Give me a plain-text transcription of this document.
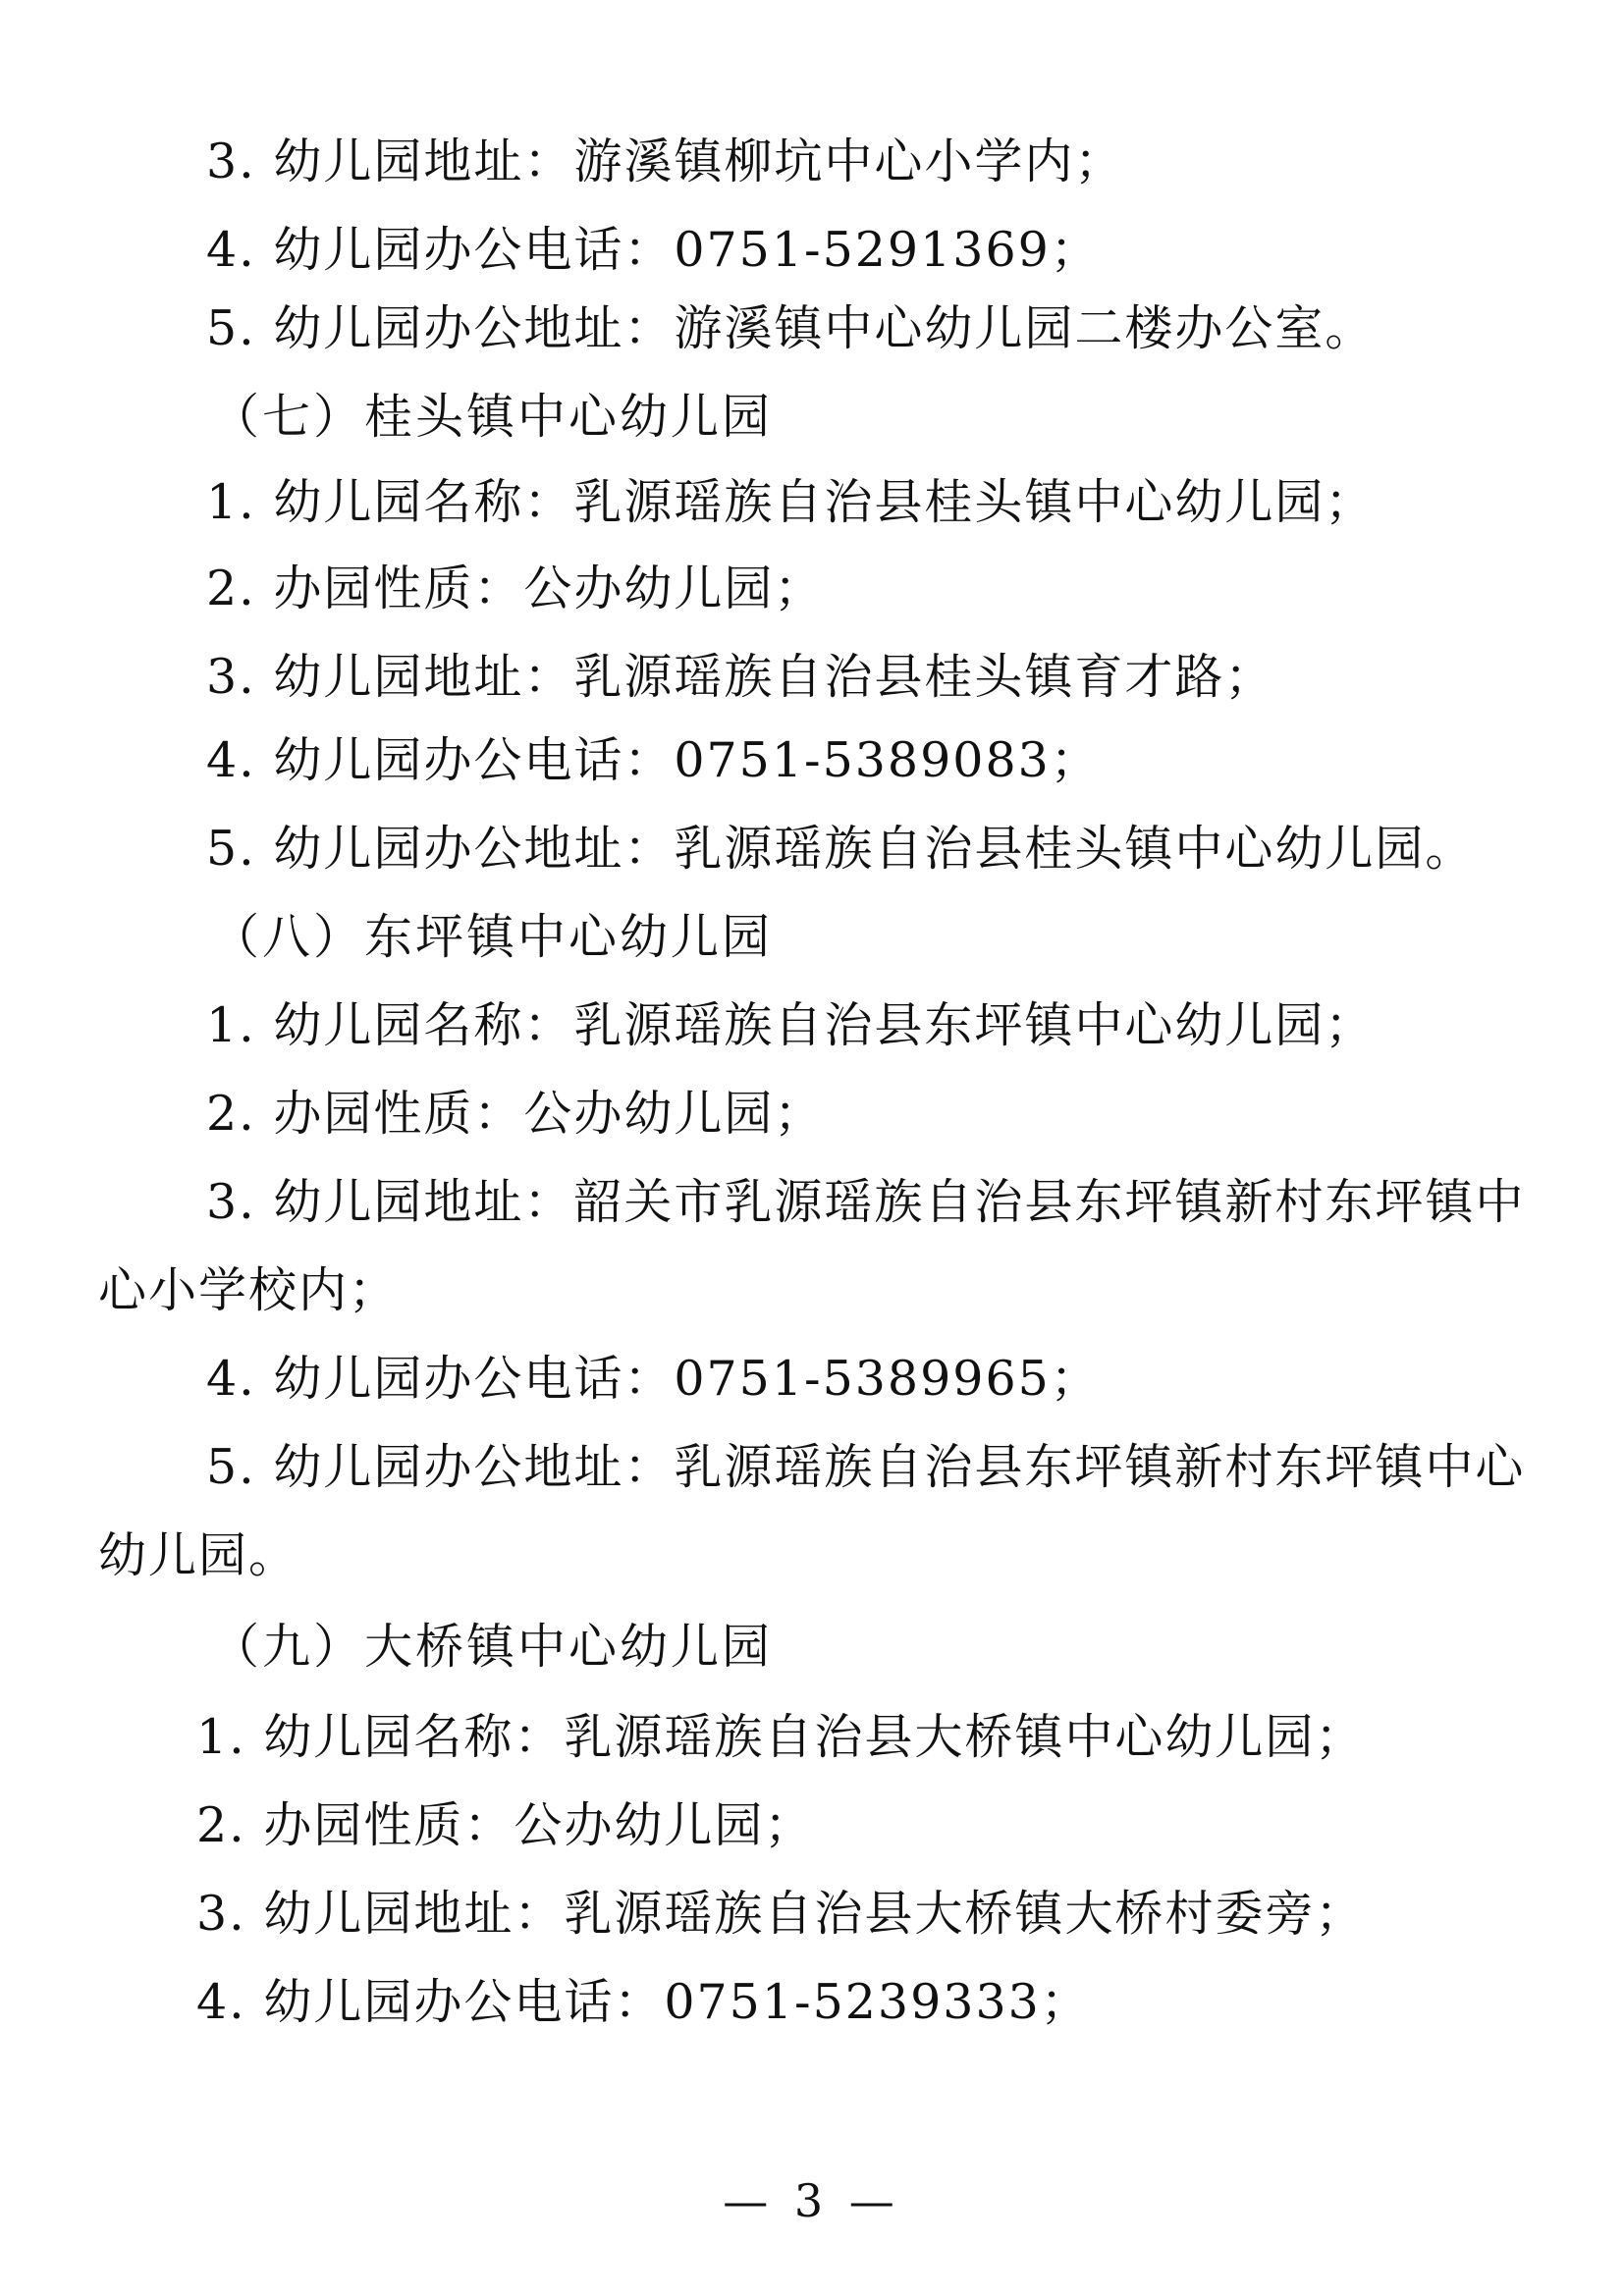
3. 幼儿园地址：游溪镇柳坑中心小学内；
4. 幼儿园办公电话：0751-5291369；
5. 幼儿园办公地址：游溪镇中心幼儿园二楼办公室。
（七）桂头镇中心幼儿园
1. 幼儿园名称：乳源瑶族自治县桂头镇中心幼儿园；
2. 办园性质：公办幼儿园；
3. 幼儿园地址：乳源瑶族自治县桂头镇育才路；
4. 幼儿园办公电话：0751-5389083；
5. 幼儿园办公地址：乳源瑶族自治县桂头镇中心幼儿园。
（八）东坪镇中心幼儿园
1. 幼儿园名称：乳源瑶族自治县东坪镇中心幼儿园；
2. 办园性质：公办幼儿园；
3. 幼儿园地址：韶关市乳源瑶族自治县东坪镇新村东坪镇中
心小学校内；
4. 幼儿园办公电话：0751-5389965；
5. 幼儿园办公地址：乳源瑶族自治县东坪镇新村东坪镇中心
幼儿园。
（九）大桥镇中心幼儿园
1. 幼儿园名称：乳源瑶族自治县大桥镇中心幼儿园；
2. 办园性质：公办幼儿园；
3. 幼儿园地址：乳源瑶族自治县大桥镇大桥村委旁；
4. 幼儿园办公电话：0751-5239333；
— 3 —
